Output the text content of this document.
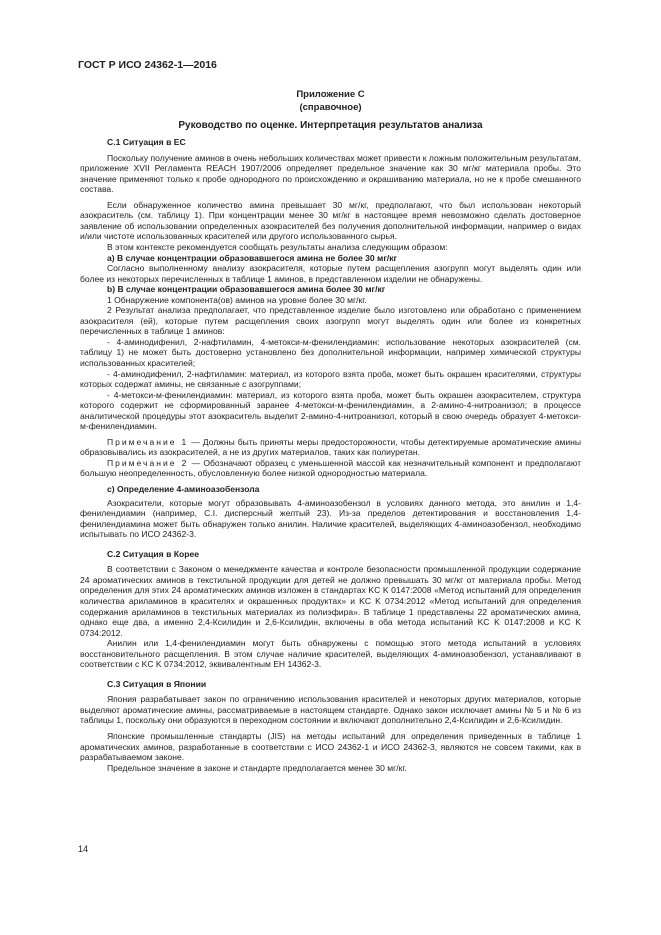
ГОСТ Р ИСО 24362-1—2016
Приложение С
(справочное)
Руководство по оценке. Интерпретация результатов анализа
С.1 Ситуация в ЕС

Поскольку получение аминов в очень небольших количествах может привести к ложным положительным результатам, приложение XVII Регламента REACH 1907/2006 определяет предельное значение как 30 мг/кг материала пробы. Это значение применяют только к пробе однородного по происхождению и окрашиванию материала, но не к пробе смешанного состава.

Если обнаруженное количество амина превышает 30 мг/кг, предполагают, что был использован некоторый азокраситель (см. таблицу 1). При концентрации менее 30 мг/кг в настоящее время невозможно сделать достоверное заявление об использовании определенных азокрасителей без получения дополнительной информации, например о видах и/или чистоте использованных красителей или другого использованного сырья.

В этом контексте рекомендуется сообщать результаты анализа следующим образом:

а) В случае концентрации образовавшегося амина не более 30 мг/кг

Согласно выполненному анализу азокрасителя, которые путем расщепления азогрупп могут выделять один или более из некоторых перечисленных в таблице 1 аминов, в представленном изделии не обнаружены.

b) В случае концентрации образовавшегося амина более 30 мг/кг

1 Обнаружение компонента(ов) аминов на уровне более 30 мг/кг.

2 Результат анализа предполагает, что представленное изделие было изготовлено или обработано с применением азокрасителя (ей), которые путем расщепления своих азогрупп могут выделять один или более из конкретных перечисленных в таблице 1 аминов:

- 4-аминодифенил, 2-нафтиламин, 4-метокси-м-фенилендиамин: использование некоторых азокрасителей (см. таблицу 1) не может быть достоверно установлено без дополнительной информации, например химической структуры использованных красителей;

- 4-аминодифенил, 2-нафтиламин: материал, из которого взята проба, может быть окрашен красителями, структуры которых содержат амины, не связанные с азогруппами;

- 4-метокси-м-фенилендиамин: материал, из которого взята проба, может быть окрашен азокрасителем, структура которого содержит не сформированный заранее 4-метокси-м-фенилендиамин, а 2-амино-4-нитроанизол; в процессе аналитической процедуры этот азокраситель выделит 2-амино-4-нитроанизол, который в свою очередь образует 4-метокси-м-фенилендиамин.

Примечание 1 — Должны быть приняты меры предосторожности, чтобы детектируемые ароматические амины образовывались из азокрасителей, а не из других материалов, таких как полиуретан.

Примечание 2 — Обозначают образец с уменьшенной массой как незначительный компонент и предполагают большую неопределенность, обусловленную более низкой однородностью материала.

с) Определение 4-аминоазобензола

Азокрасители, которые могут образовывать 4-аминоазобензол в условиях данного метода, это анилин и 1,4-фенилендиамин (например, C.I. дисперсный желтый 23). Из-за пределов детектирования и восстановления 1,4-фенилендиамина может быть обнаружен только анилин. Наличие красителей, выделяющих 4-аминоазобензол, необходимо испытывать по ИСО 24362-3.

С.2 Ситуация в Корее

В соответствии с Законом о менеджменте качества и контроле безопасности промышленной продукции содержание 24 ароматических аминов в текстильной продукции для детей не должно превышать 30 мг/кг от материала пробы. Метод определения для этих 24 ароматических аминов изложен в стандартах KC K 0147:2008 «Метод испытаний для определения количества ариламинов в красителях и окрашенных продуктах» и KC K 0734:2012 «Метод испытаний для определения содержания ариламинов в текстильных материалах из полиэфира». В таблице 1 представлены 22 ароматических амина, однако еще два, а именно 2,4-Ксилидин и 2,6-Ксилидин, включены в оба метода испытаний KC K 0147:2008 и KC K 0734:2012.

Анилин или 1,4-фенилендиамин могут быть обнаружены с помощью этого метода испытаний в условиях восстановительного расщепления. В этом случае наличие красителей, выделяющих 4-аминоазобензол, устанавливают в соответствии с KC K 0734:2012, эквивалентным ЕН 14362-3.

С.3 Ситуация в Японии

Япония разрабатывает закон по ограничению использования красителей и некоторых других материалов, которые выделяют ароматические амины, рассматриваемые в настоящем стандарте. Однако закон исключает амины № 5 и № 6 из таблицы 1, поскольку они образуются в переходном состоянии и включают дополнительно 2,4-Ксилидин и 2,6-Ксилидин.

Японские промышленные стандарты (JIS) на методы испытаний для определения приведенных в таблице 1 ароматических аминов, разработанные в соответствии с ИСО 24362-1 и ИСО 24362-3, являются не совсем такими, как в разрабатываемом законе.

Предельное значение в законе и стандарте предполагается менее 30 мг/кг.

14
